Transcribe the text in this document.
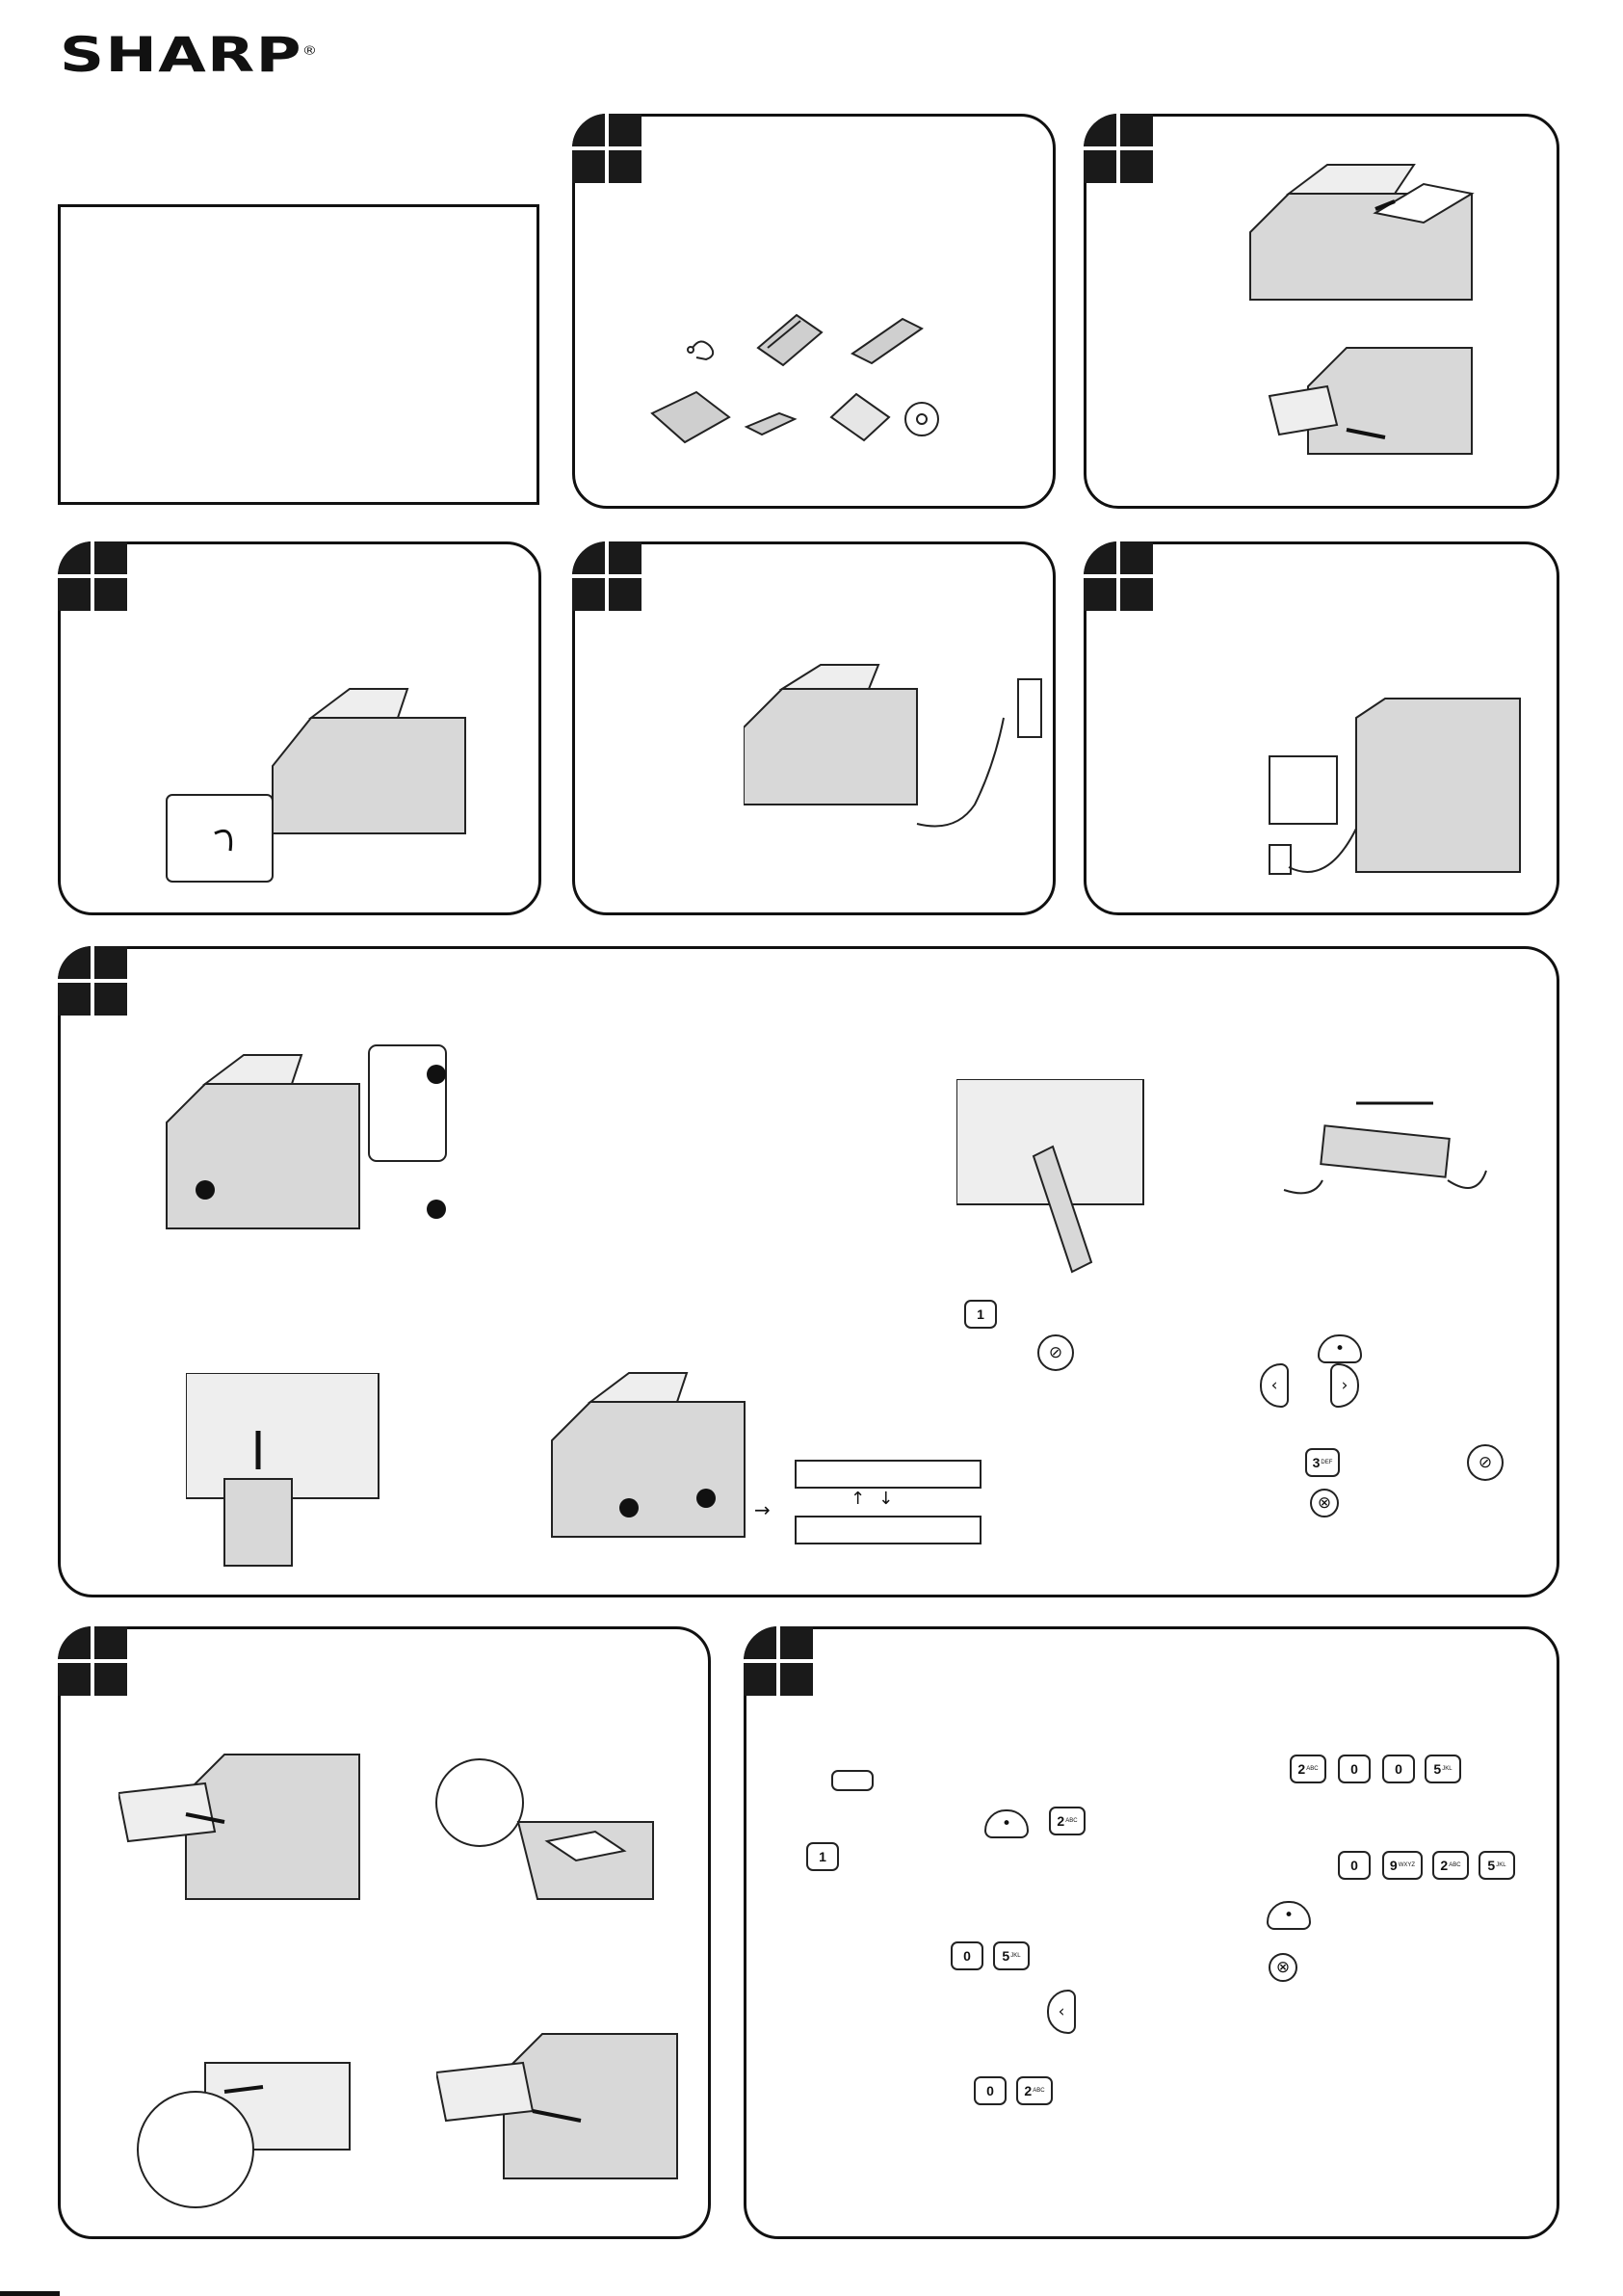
SHARP®
→	↑↓
1
⊘	•
‹	›
3 DEF	⊘
⊗
•	2 ABC
1
0	5 JKL
‹
0	2 ABC
2 ABC	0	0	5 JKL
0	9 WXYZ 2 ABC 5 JKL
•
⊗
